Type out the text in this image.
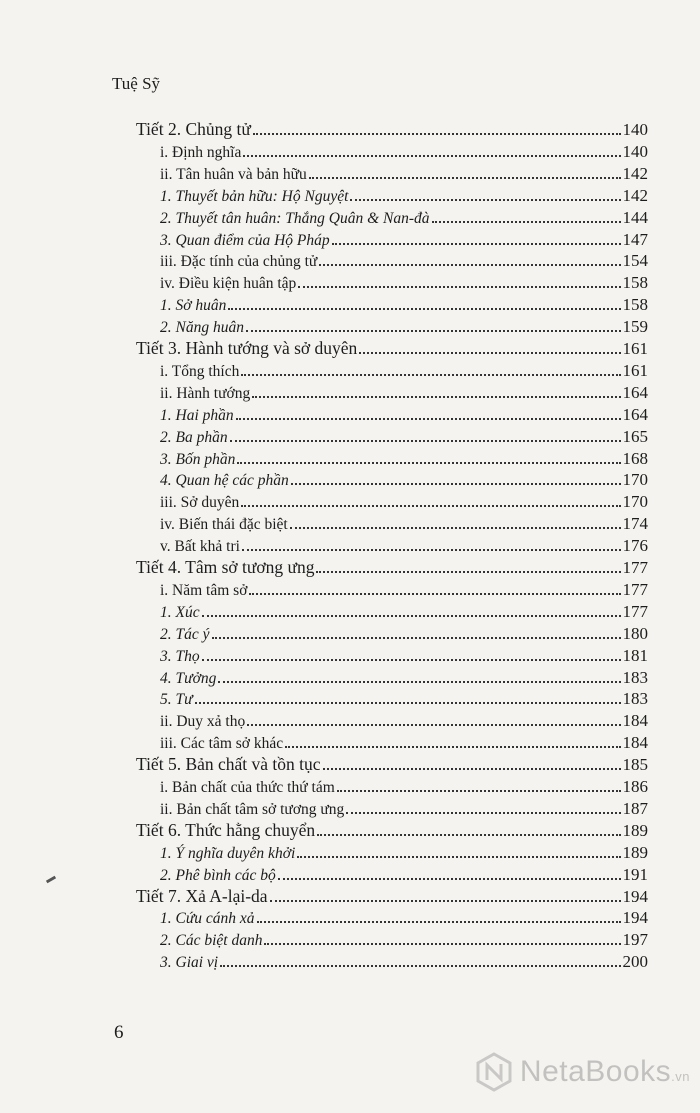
Tuệ Sỹ
Tiết 2. Chủng tử	140
i. Định nghĩa	140
ii. Tân huân và bản hữu	142
1. Thuyết bản hữu: Hộ Nguyệt	142
2. Thuyết tân huân: Thắng Quân & Nan-đà	144
3. Quan điểm của Hộ Pháp	147
iii. Đặc tính của chủng tử	154
iv. Điều kiện huân tập	158
1. Sở huân	158
2. Năng huân	159
Tiết 3. Hành tướng và sở duyên	161
i. Tổng thích	161
ii. Hành tướng	164
1. Hai phần	164
2. Ba phần	165
3. Bốn phần	168
4. Quan hệ các phần	170
iii. Sở duyên	170
iv. Biến thái đặc biệt	174
v. Bất khả tri	176
Tiết 4. Tâm sở tương ưng	177
i. Năm tâm sở	177
1. Xúc	177
2. Tác ý	180
3. Thọ	181
4. Tưởng	183
5. Tư	183
ii. Duy xả thọ	184
iii. Các tâm sở khác	184
Tiết 5. Bản chất và tồn tục	185
i. Bản chất của thức thứ tám	186
ii. Bản chất tâm sở tương ưng	187
Tiết 6. Thức hằng chuyển	189
1. Ý nghĩa duyên khởi	189
2. Phê bình các bộ	191
Tiết 7. Xả A-lại-da	194
1. Cứu cánh xả	194
2. Các biệt danh	197
3. Giai vị	200
6
NetaBooks.vn
